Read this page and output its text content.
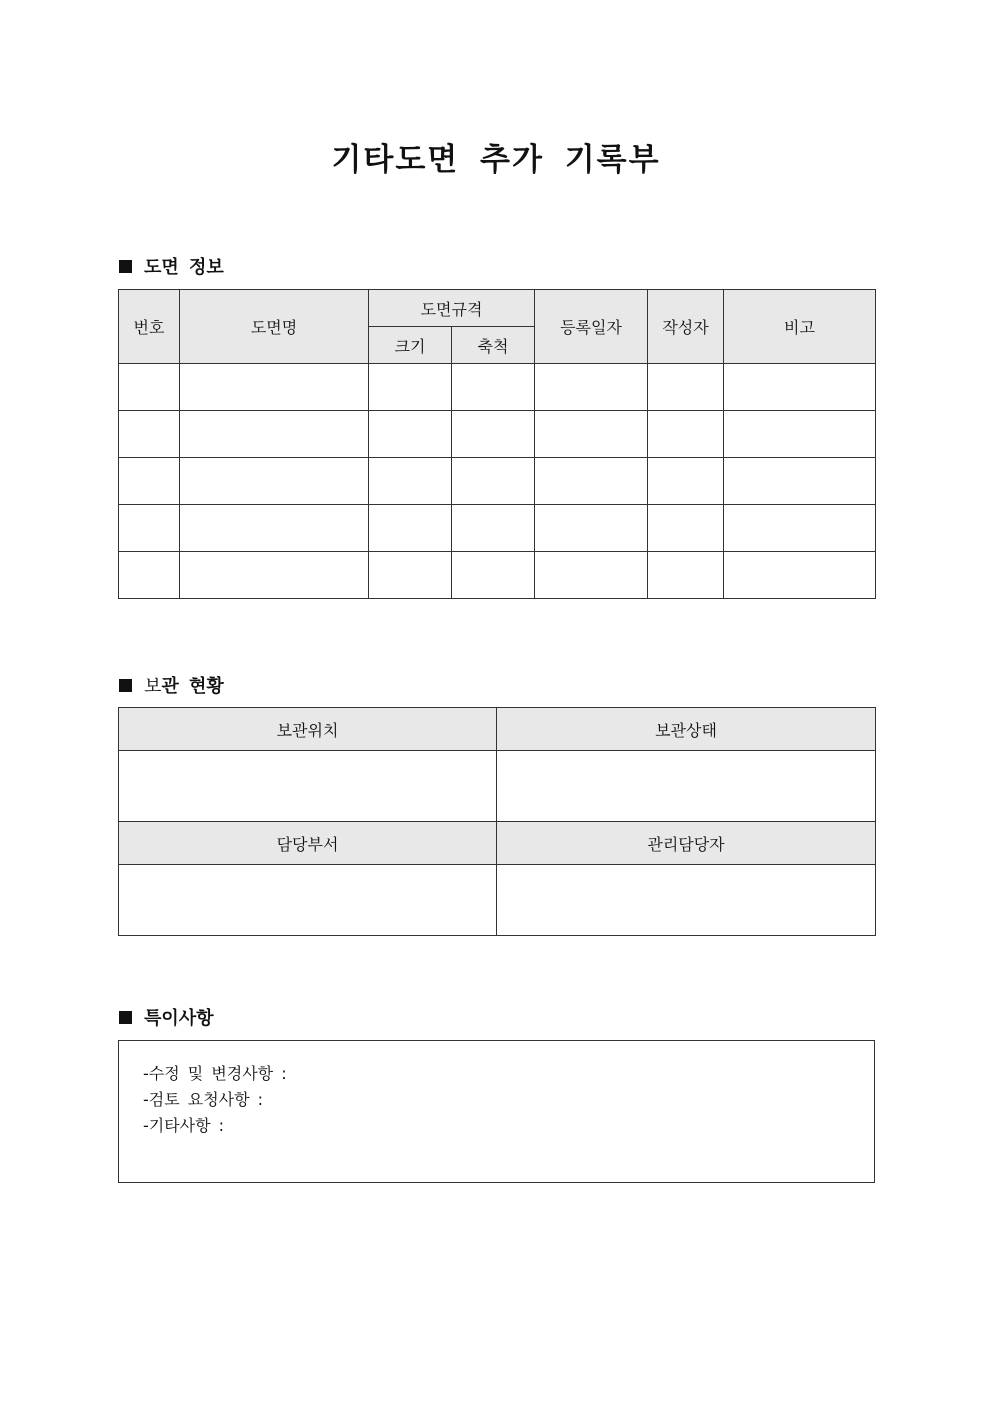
기타도면 추가 기록부
도면 정보
번호	도면명	도면규격		등록일자	작성자	비고
		크기	축척			

보 관 현황
보관위치	보관상태

담당부서	관리담당자

특이사항
-수정 및 변경사항 :
-검토 요청사항 :
-기타사항 :
